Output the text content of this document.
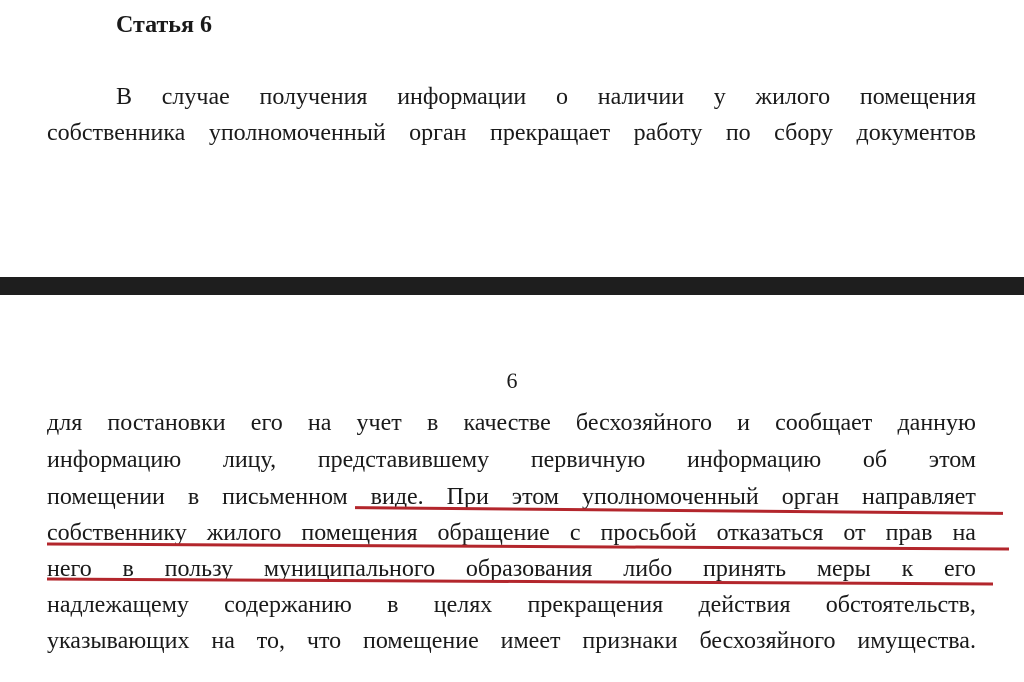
Статья 6
В случае получения информации о наличии у жилого помещения
собственника уполномоченный орган прекращает работу по сбору документов
6
для постановки его на учет в качестве бесхозяйного и сообщает данную
информацию лицу, представившему первичную информацию об этом
помещении в письменном виде. При этом уполномоченный орган направляет
собственнику жилого помещения обращение с просьбой отказаться от прав на
него в пользу муниципального образования либо принять меры к его
надлежащему содержанию в целях прекращения действия обстоятельств,
указывающих на то, что помещение имеет признаки бесхозяйного имущества.
